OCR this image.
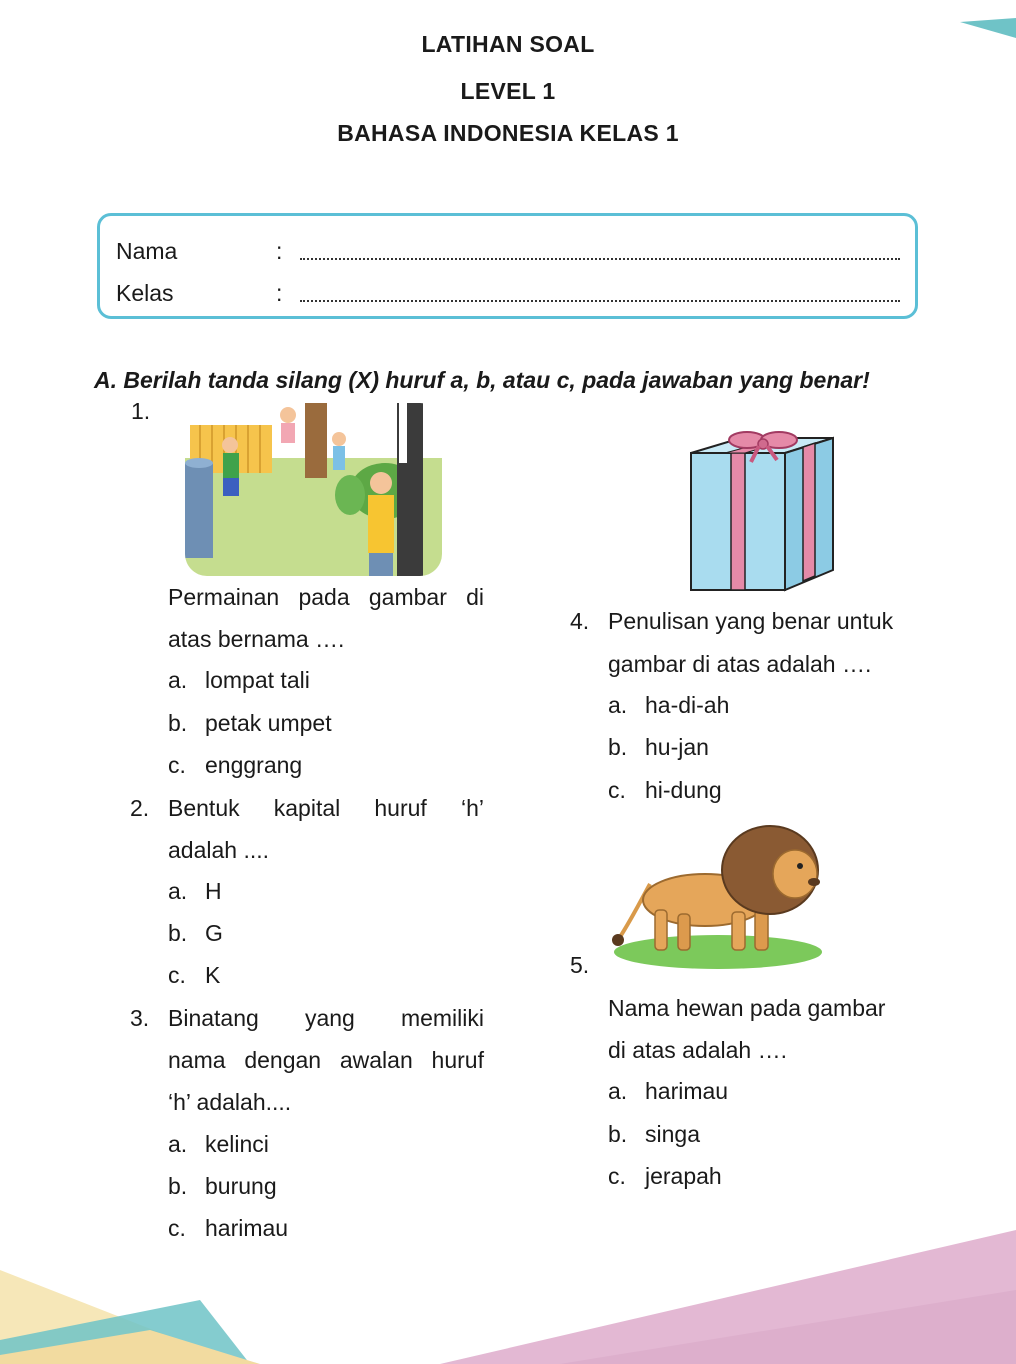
LATIHAN SOAL
LEVEL 1
BAHASA INDONESIA KELAS 1
Nama	:
Kelas	:
A. Berilah tanda silang (X) huruf a, b, atau c, pada jawaban yang benar!
1.
Permainan pada gambar di
atas bernama ….
a. lompat tali
b. petak umpet
c. enggrang
2. Bentuk kapital huruf ‘h’
adalah ....
a. H
b. G
c. K
3. Binatang yang memiliki
nama dengan awalan huruf
‘h’ adalah....
a. kelinci
b. burung
c. harimau
4. Penulisan yang benar untuk
gambar di atas adalah ….
a. ha-di-ah
b. hu-jan
c. hi-dung
5.
Nama hewan pada gambar
di atas adalah ….
a. harimau
b. singa
c. jerapah
